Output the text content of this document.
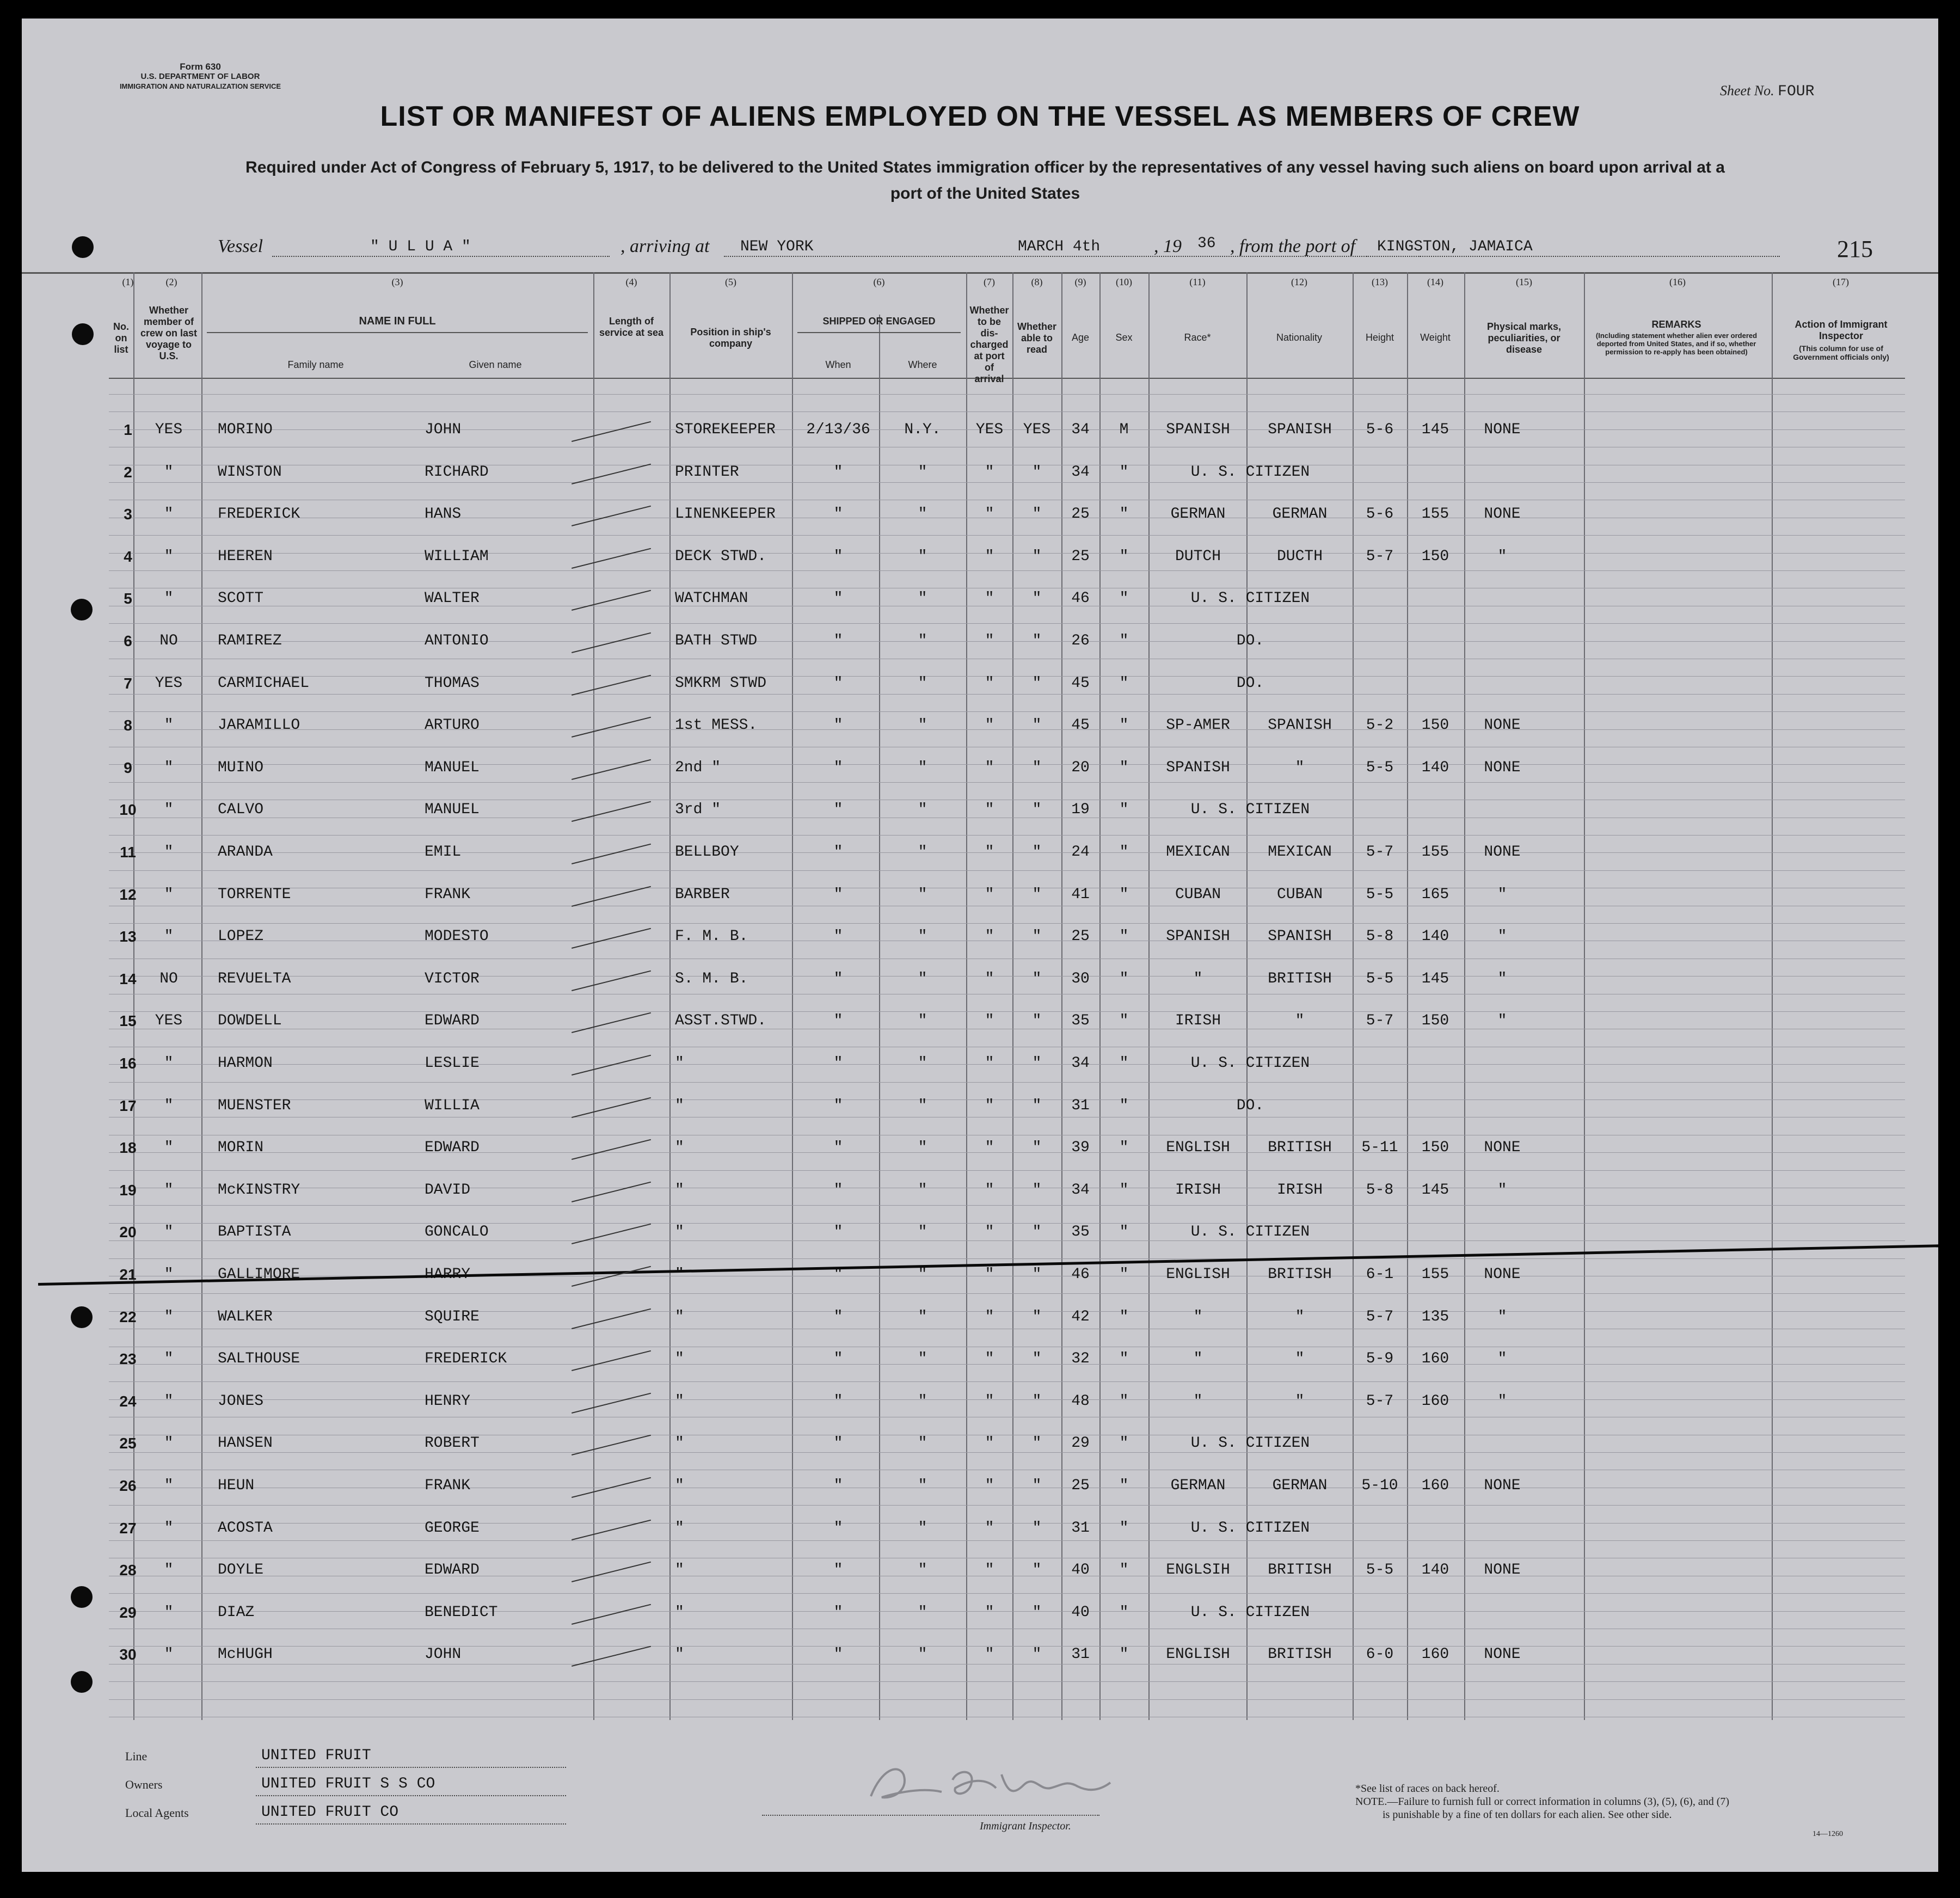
Form 630
U.S. DEPARTMENT OF LABOR
IMMIGRATION AND NATURALIZATION SERVICE	Sheet No. FOUR
LIST OR MANIFEST OF ALIENS EMPLOYED ON THE VESSEL AS MEMBERS OF CREW
Required under Act of Congress of February 5, 1917, to be delivered to the United States immigration officer by the representatives of any vessel having such aliens on board upon arrival at a
port of the United States
Vessel	" U L U A "	, arriving at NEW YORK	MARCH 4th	, 19 36 , from the port of KINGSTON, JAMAICA	215
(1)	(2)	(3)	(4)	(5)	(6)	(7)	(8)	(9)	(10)	(11)	(12)	(13)	(14)	(15)	(16)	(17)
No. on list
Whether member of crew on last voyage to U.S.
NAME IN FULL
Family name	Given name
Length of service at sea	Position in ship's company
SHIPPED OR ENGAGED
When	Where
Whether to be dis-charged at port of arrival
Whether able to read
Age	Sex	Race*	Nationality	Height	Weight
Physical marks, peculiarities, or disease
REMARKS
(Including statement whether alien ever ordered deported from United States, and if so, whether permission to re-apply has been obtained)
Action of Immigrant Inspector
(This column for use of Government officials only)
1	YES	MORINO	JOHN	STOREKEEPER	2/13/36	N.Y.	YES	YES	34	M	SPANISH	SPANISH	5-6	145	NONE
2	"	WINSTON	RICHARD	PRINTER	"	"	"	"	34	"	U. S. CITIZEN
3	"	FREDERICK	HANS	LINENKEEPER	"	"	"	"	25	"	GERMAN	GERMAN	5-6	155	NONE
4	"	HEEREN	WILLIAM	DECK STWD.	"	"	"	"	25	"	DUTCH	DUCTH	5-7	150	"
5	"	SCOTT	WALTER	WATCHMAN	"	"	"	"	46	"	U. S. CITIZEN
6	NO	RAMIREZ	ANTONIO	BATH STWD	"	"	"	"	26	"	DO.
7	YES	CARMICHAEL	THOMAS	SMKRM STWD	"	"	"	"	45	"	DO.
8	"	JARAMILLO	ARTURO	1st MESS.	"	"	"	"	45	"	SP-AMER	SPANISH	5-2	150	NONE
9	"	MUINO	MANUEL	2nd "	"	"	"	"	20	"	SPANISH	"	5-5	140	NONE
10	"	CALVO	MANUEL	3rd "	"	"	"	"	19	"	U. S. CITIZEN
11	"	ARANDA	EMIL	BELLBOY	"	"	"	"	24	"	MEXICAN	MEXICAN	5-7	155	NONE
12	"	TORRENTE	FRANK	BARBER	"	"	"	"	41	"	CUBAN	CUBAN	5-5	165	"
13	"	LOPEZ	MODESTO	F. M. B.	"	"	"	"	25	"	SPANISH	SPANISH	5-8	140	"
14	NO	REVUELTA	VICTOR	S. M. B.	"	"	"	"	30	"	"	BRITISH	5-5	145	"
15	YES	DOWDELL	EDWARD	ASST.STWD.	"	"	"	"	35	"	IRISH	"	5-7	150	"
16	"	HARMON	LESLIE	"	"	"	"	"	34	"	U. S. CITIZEN
17	"	MUENSTER	WILLIA	"	"	"	"	"	31	"	DO.
18	"	MORIN	EDWARD	"	"	"	"	"	39	"	ENGLISH	BRITISH	5-11	150	NONE
19	"	McKINSTRY	DAVID	"	"	"	"	"	34	"	IRISH	IRISH	5-8	145	"
20	"	BAPTISTA	GONCALO	"	"	"	"	"	35	"	U. S. CITIZEN
21	"	GALLIMORE	HARRY	"	"	"	"	"	46	"	ENGLISH	BRITISH	6-1	155	NONE
22	"	WALKER	SQUIRE	"	"	"	"	"	42	"	"	"	5-7	135	"
23	"	SALTHOUSE	FREDERICK	"	"	"	"	"	32	"	"	"	5-9	160	"
24	"	JONES	HENRY	"	"	"	"	"	48	"	"	"	5-7	160	"
25	"	HANSEN	ROBERT	"	"	"	"	"	29	"	U. S. CITIZEN
26	"	HEUN	FRANK	"	"	"	"	"	25	"	GERMAN	GERMAN	5-10	160	NONE
27	"	ACOSTA	GEORGE	"	"	"	"	"	31	"	U. S. CITIZEN
28	"	DOYLE	EDWARD	"	"	"	"	"	40	"	ENGLSIH	BRITISH	5-5	140	NONE
29	"	DIAZ	BENEDICT	"	"	"	"	"	40	"	U. S. CITIZEN
30	"	McHUGH	JOHN	"	"	"	"	"	31	"	ENGLISH	BRITISH	6-0	160	NONE
Line	UNITED FRUIT
Owners	UNITED FRUIT S S CO
Local Agents	UNITED FRUIT CO
Immigrant Inspector.
*See list of races on back hereof.
NOTE.—Failure to furnish full or correct information in columns (3), (5), (6), and (7)
is punishable by a fine of ten dollars for each alien. See other side.
14—1260
